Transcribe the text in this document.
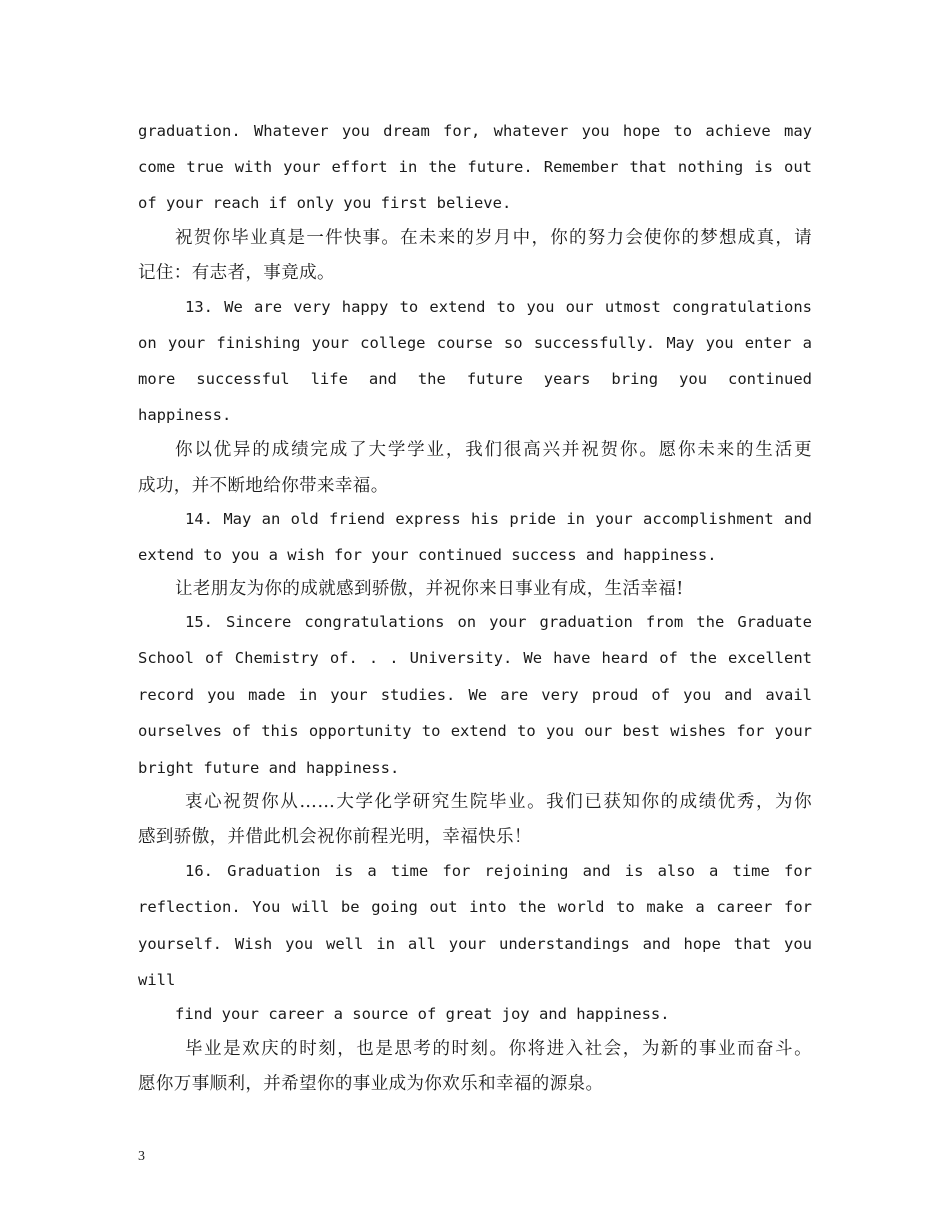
graduation. Whatever you dream for, whatever you hope to achieve may
come true with your effort in the future. Remember that nothing is out
of your reach if only you first believe.
祝贺你毕业真是一件快事。在未来的岁月中，你的努力会使你的梦想成真，请
记住：有志者，事竟成。
13. We are very happy to extend to you our utmost congratulations
on your finishing your college course so successfully. May you enter a
more successful life and the future years bring you continued
happiness.
你以优异的成绩完成了大学学业，我们很高兴并祝贺你。愿你未来的生活更
成功，并不断地给你带来幸福。
14. May an old friend express his pride in your accomplishment and
extend to you a wish for your continued success and happiness.
让老朋友为你的成就感到骄傲，并祝你来日事业有成，生活幸福!
15. Sincere congratulations on your graduation from the Graduate
School of Chemistry of. . . University. We have heard of the excellent
record you made in your studies. We are very proud of you and avail
ourselves of this opportunity to extend to you our best wishes for your
bright future and happiness.
衷心祝贺你从……大学化学研究生院毕业。我们已获知你的成绩优秀，为你
感到骄傲，并借此机会祝你前程光明，幸福快乐！
16. Graduation is a time for rejoining and is also a time for
reflection. You will be going out into the world to make a career for
yourself. Wish you well in all your understandings and hope that you
will
find your career a source of great joy and happiness.
毕业是欢庆的时刻，也是思考的时刻。你将进入社会，为新的事业而奋斗。
愿你万事顺利，并希望你的事业成为你欢乐和幸福的源泉。
3
